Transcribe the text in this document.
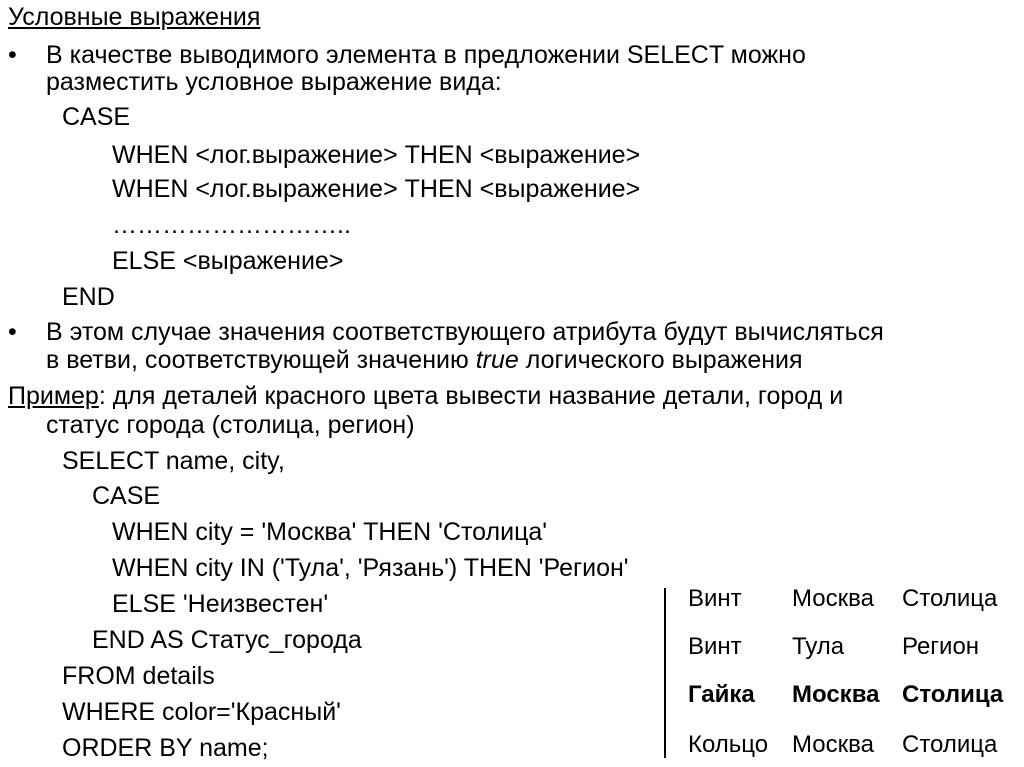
Условные выражения
• В качестве выводимого элемента в предложении SELECT можно
разместить условное выражение вида:
CASE
WHEN <лог.выражение> THEN <выражение>
WHEN <лог.выражение> THEN <выражение>
………………………..
ELSE <выражение>
END
• В этом случае значения соответствующего атрибута будут вычисляться
в ветви, соответствующей значению true логического выражения
Пример: для деталей красного цвета вывести название детали, город и
статус города (столица, регион)
SELECT name, city,
CASE
WHEN city = 'Москва' THEN 'Столица'
WHEN city IN ('Тула', 'Рязань') THEN 'Регион'
ELSE 'Неизвестен'
END AS Статус_города
FROM details
WHERE color='Красный'
ORDER BY name;
Винт Москва Столица
Винт Тула Регион
Гайка Москва Столица
Кольцо Москва Столица
